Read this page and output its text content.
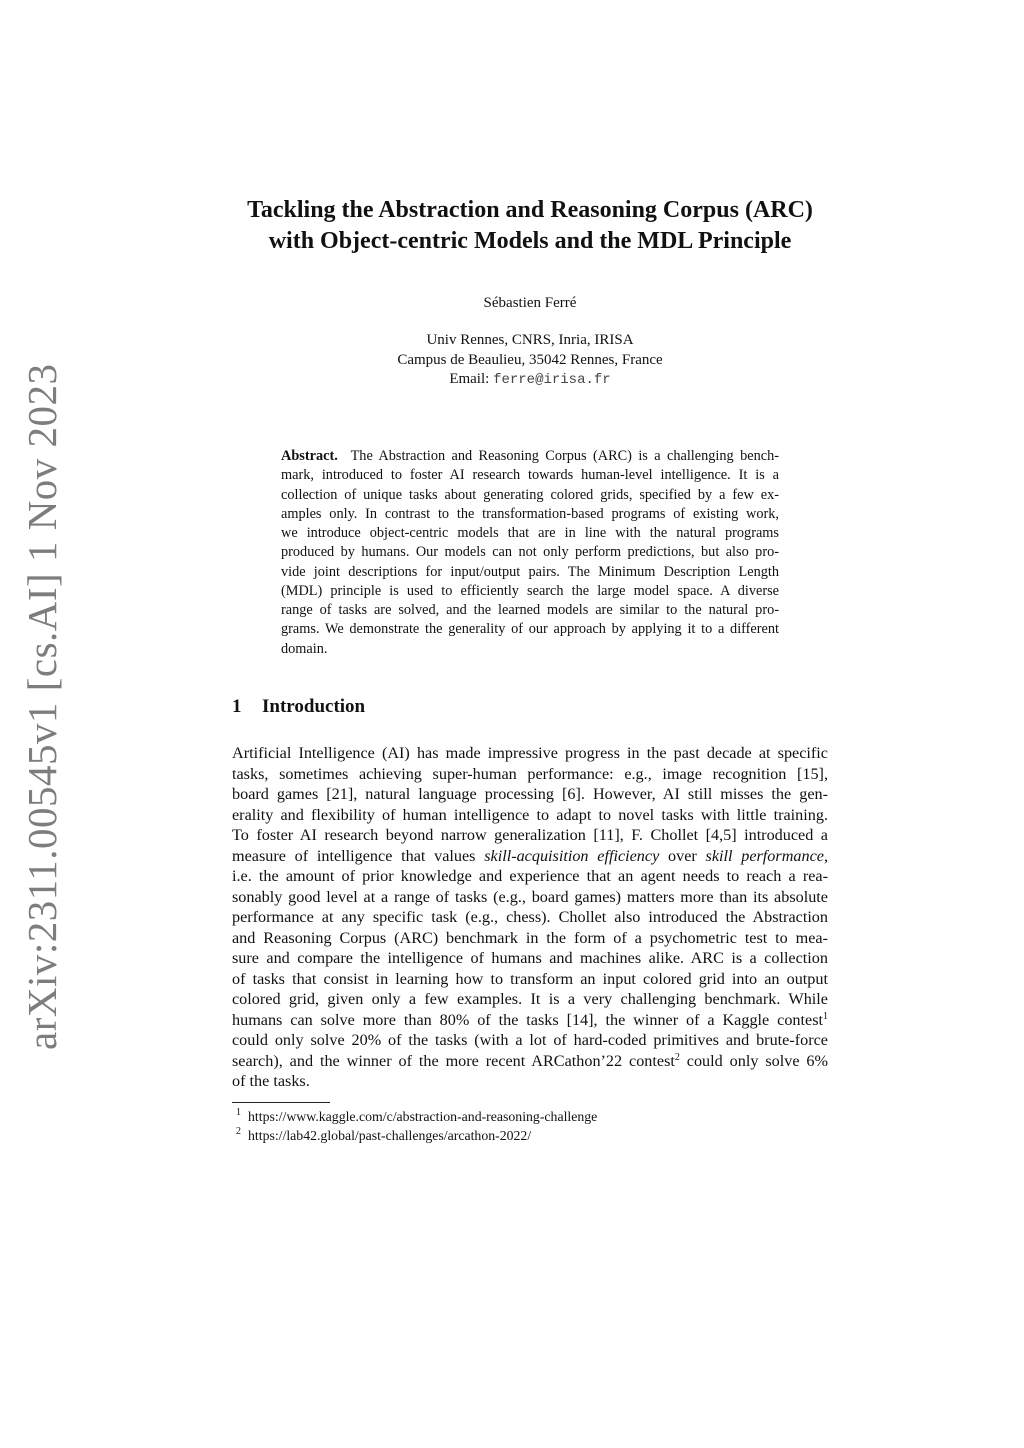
arXiv:2311.00545v1 [cs.AI] 1 Nov 2023
Tackling the Abstraction and Reasoning Corpus (ARC)
with Object-centric Models and the MDL Principle
Sébastien Ferré
Univ Rennes, CNRS, Inria, IRISA
Campus de Beaulieu, 35042 Rennes, France
Email: ferre@irisa.fr
Abstract. The Abstraction and Reasoning Corpus (ARC) is a challenging bench-
mark, introduced to foster AI research towards human-level intelligence. It is a
collection of unique tasks about generating colored grids, specified by a few ex-
amples only. In contrast to the transformation-based programs of existing work,
we introduce object-centric models that are in line with the natural programs
produced by humans. Our models can not only perform predictions, but also pro-
vide joint descriptions for input/output pairs. The Minimum Description Length
(MDL) principle is used to efficiently search the large model space. A diverse
range of tasks are solved, and the learned models are similar to the natural pro-
grams. We demonstrate the generality of our approach by applying it to a different
domain.
1 Introduction
Artificial Intelligence (AI) has made impressive progress in the past decade at specific
tasks, sometimes achieving super-human performance: e.g., image recognition [15],
board games [21], natural language processing [6]. However, AI still misses the gen-
erality and flexibility of human intelligence to adapt to novel tasks with little training.
To foster AI research beyond narrow generalization [11], F. Chollet [4,5] introduced a
measure of intelligence that values skill-acquisition efficiency over skill performance,
i.e. the amount of prior knowledge and experience that an agent needs to reach a rea-
sonably good level at a range of tasks (e.g., board games) matters more than its absolute
performance at any specific task (e.g., chess). Chollet also introduced the Abstraction
and Reasoning Corpus (ARC) benchmark in the form of a psychometric test to mea-
sure and compare the intelligence of humans and machines alike. ARC is a collection
of tasks that consist in learning how to transform an input colored grid into an output
colored grid, given only a few examples. It is a very challenging benchmark. While
humans can solve more than 80% of the tasks [14], the winner of a Kaggle contest$^1$
could only solve 20% of the tasks (with a lot of hard-coded primitives and brute-force
search), and the winner of the more recent ARCathon’22 contest$^2$ could only solve 6%
of the tasks.
$^1$ https://www.kaggle.com/c/abstraction-and-reasoning-challenge
$^2$ https://lab42.global/past-challenges/arcathon-2022/
